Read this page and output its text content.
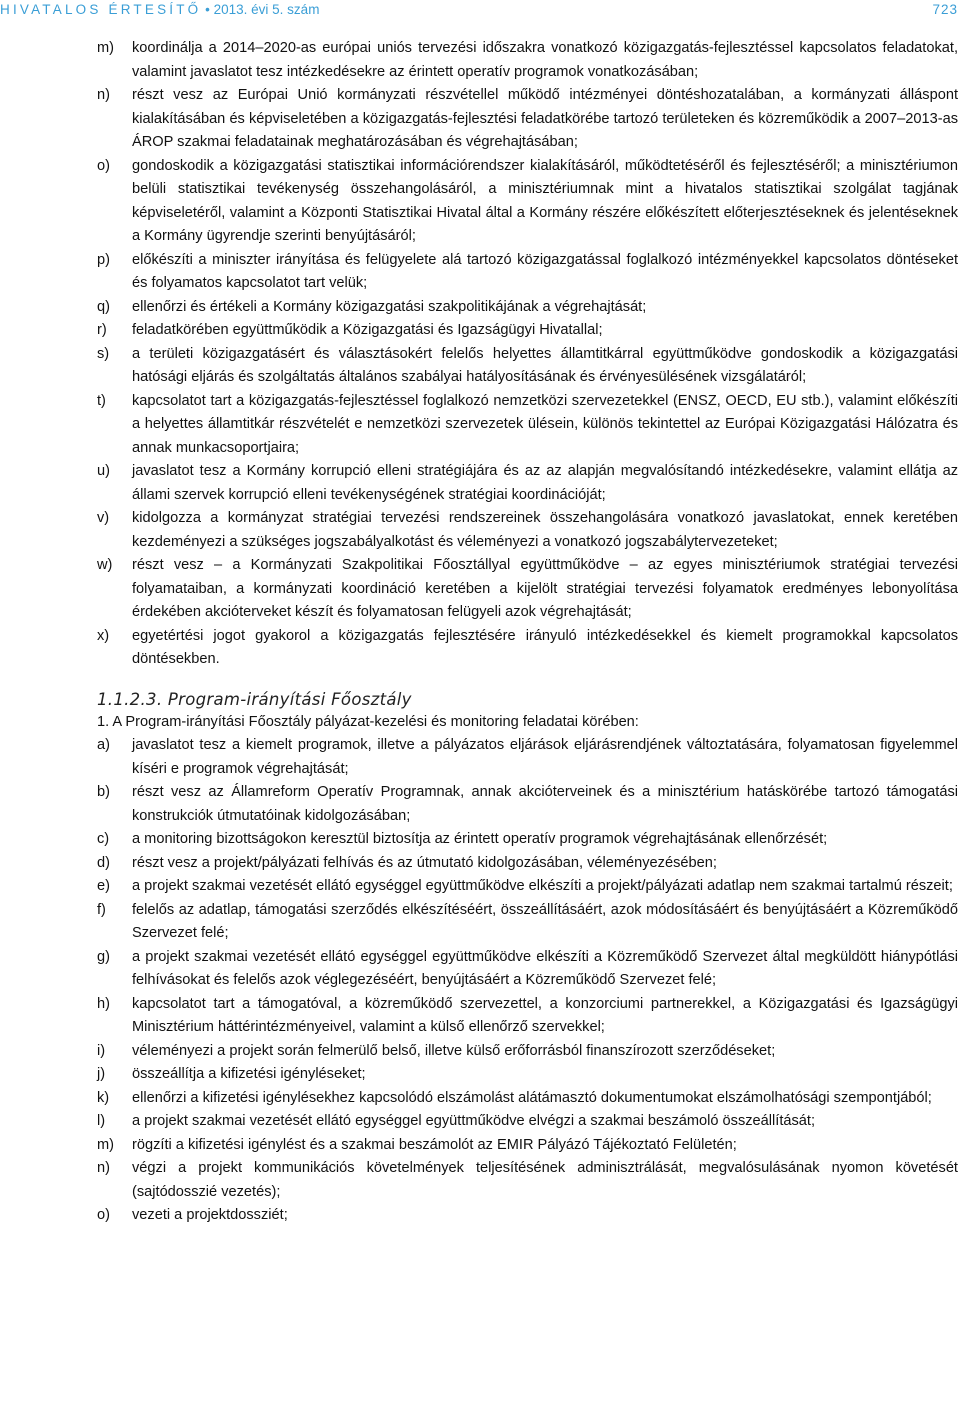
HIVATALOS ÉRTESÍTŐ • 2013. évi 5. szám	723
m) koordinálja a 2014–2020-as európai uniós tervezési időszakra vonatkozó közigazgatás-fejlesztéssel kapcsolatos feladatokat, valamint javaslatot tesz intézkedésekre az érintett operatív programok vonatkozásában;
n) részt vesz az Európai Unió kormányzati részvétellel működő intézményei döntéshozatalában, a kormányzati álláspont kialakításában és képviseletében a közigazgatás-fejlesztési feladatkörébe tartozó területeken és közreműködik a 2007–2013-as ÁROP szakmai feladatainak meghatározásában és végrehajtásában;
o) gondoskodik a közigazgatási statisztikai információrendszer kialakításáról, működtetéséről és fejlesztéséről; a minisztériumon belüli statisztikai tevékenység összehangolásáról, a minisztériumnak mint a hivatalos statisztikai szolgálat tagjának képviseletéről, valamint a Központi Statisztikai Hivatal által a Kormány részére előkészített előterjesztéseknek és jelentéseknek a Kormány ügyrendje szerinti benyújtásáról;
p) előkészíti a miniszter irányítása és felügyelete alá tartozó közigazgatással foglalkozó intézményekkel kapcsolatos döntéseket és folyamatos kapcsolatot tart velük;
q) ellenőrzi és értékeli a Kormány közigazgatási szakpolitikájának a végrehajtását;
r) feladatkörében együttműködik a Közigazgatási és Igazságügyi Hivatallal;
s) a területi közigazgatásért és választásokért felelős helyettes államtitkárral együttműködve gondoskodik a közigazgatási hatósági eljárás és szolgáltatás általános szabályai hatályosításának és érvényesülésének vizsgálatáról;
t) kapcsolatot tart a közigazgatás-fejlesztéssel foglalkozó nemzetközi szervezetekkel (ENSZ, OECD, EU stb.), valamint előkészíti a helyettes államtitkár részvételét e nemzetközi szervezetek ülésein, különös tekintettel az Európai Közigazgatási Hálózatra és annak munkacsoportjaira;
u) javaslatot tesz a Kormány korrupció elleni stratégiájára és az az alapján megvalósítandó intézkedésekre, valamint ellátja az állami szervek korrupció elleni tevékenységének stratégiai koordinációját;
v) kidolgozza a kormányzat stratégiai tervezési rendszereinek összehangolására vonatkozó javaslatokat, ennek keretében kezdeményezi a szükséges jogszabályalkotást és véleményezi a vonatkozó jogszabálytervezeteket;
w) részt vesz – a Kormányzati Szakpolitikai Főosztállyal együttműködve – az egyes minisztériumok stratégiai tervezési folyamataiban, a kormányzati koordináció keretében a kijelölt stratégiai tervezési folyamatok eredményes lebonyolítása érdekében akcióterveket készít és folyamatosan felügyeli azok végrehajtását;
x) egyetértési jogot gyakorol a közigazgatás fejlesztésére irányuló intézkedésekkel és kiemelt programokkal kapcsolatos döntésekben.
1.1.2.3. Program-irányítási Főosztály

1. A Program-irányítási Főosztály pályázat-kezelési és monitoring feladatai körében:

a) javaslatot tesz a kiemelt programok, illetve a pályázatos eljárások eljárásrendjének változtatására, folyamatosan figyelemmel kíséri e programok végrehajtását;
b) részt vesz az Államreform Operatív Programnak, annak akcióterveinek és a minisztérium hatáskörébe tartozó támogatási konstrukciók útmutatóinak kidolgozásában;
c) a monitoring bizottságokon keresztül biztosítja az érintett operatív programok végrehajtásának ellenőrzését;
d) részt vesz a projekt/pályázati felhívás és az útmutató kidolgozásában, véleményezésében;
e) a projekt szakmai vezetését ellátó egységgel együttműködve elkészíti a projekt/pályázati adatlap nem szakmai tartalmú részeit;
f) felelős az adatlap, támogatási szerződés elkészítéséért, összeállításáért, azok módosításáért és benyújtásáért a Közreműködő Szervezet felé;
g) a projekt szakmai vezetését ellátó egységgel együttműködve elkészíti a Közreműködő Szervezet által megküldött hiánypótlási felhívásokat és felelős azok véglegezéséért, benyújtásáért a Közreműködő Szervezet felé;
h) kapcsolatot tart a támogatóval, a közreműködő szervezettel, a konzorciumi partnerekkel, a Közigazgatási és Igazságügyi Minisztérium háttérintézményeivel, valamint a külső ellenőrző szervekkel;
i) véleményezi a projekt során felmerülő belső, illetve külső erőforrásból finanszírozott szerződéseket;
j) összeállítja a kifizetési igényléseket;
k) ellenőrzi a kifizetési igénylésekhez kapcsolódó elszámolást alátámasztó dokumentumokat elszámolhatósági szempontjából;
l) a projekt szakmai vezetését ellátó egységgel együttműködve elvégzi a szakmai beszámoló összeállítását;
m) rögzíti a kifizetési igénylést és a szakmai beszámolót az EMIR Pályázó Tájékoztató Felületén;
n) végzi a projekt kommunikációs követelmények teljesítésének adminisztrálását, megvalósulásának nyomon követését (sajtódosszié vezetés);
o) vezeti a projektdossziét;
